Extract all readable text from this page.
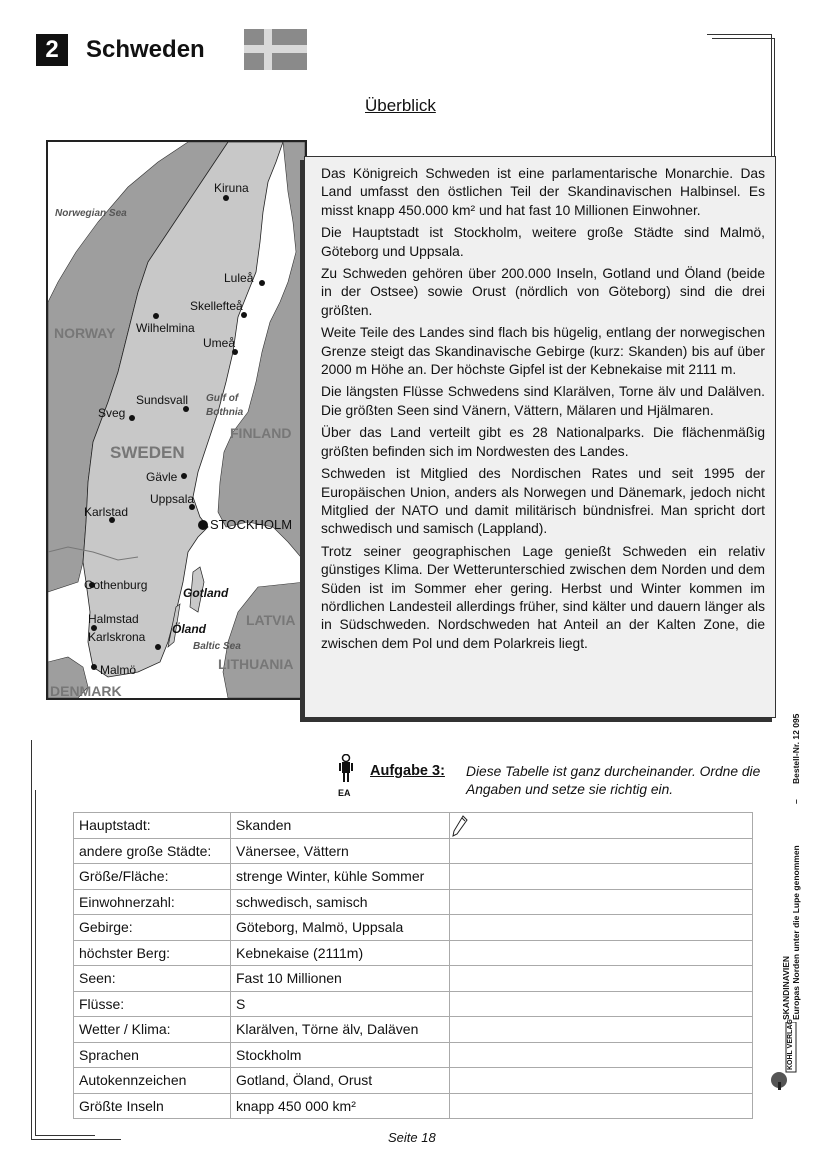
2	Schweden
Überblick
Kiruna
Norwegian Sea
Luleå
Skellefteå
NORWAY Wilhelmina
Umeå
Sundsvall Gulf of
Bothnia
Sveg
FINLAND
SWEDEN
Gävle
Uppsala
Karlstad
STOCKHOLM
Gothenburg
Gotland
Halmstad	LATVIA
Karlskrona
Öland
Baltic Sea
LITHUANIA
Malmö
DENMARK

Das Königreich Schweden ist eine parlamentarische Monarchie. Das Land umfasst den östlichen Teil der Skandinavischen Halbinsel. Es misst knapp 450.000 km² und hat fast 10 Millionen Einwohner.

Die Hauptstadt ist Stockholm, weitere große Städte sind Malmö, Göteborg und Uppsala.

Zu Schweden gehören über 200.000 Inseln, Gotland und Öland (beide in der Ostsee) sowie Orust (nördlich von Göteborg) sind die drei größten.

Weite Teile des Landes sind flach bis hügelig, entlang der norwegischen Grenze steigt das Skandinavische Gebirge (kurz: Skanden) bis auf über 2000 m Höhe an. Der höchste Gipfel ist der Kebnekaise mit 2111 m.

Die längsten Flüsse Schwedens sind Klarälven, Torne älv und Dalälven. Die größten Seen sind Vänern, Vättern, Mälaren und Hjälmaren.

Über das Land verteilt gibt es 28 Nationalparks. Die flächenmäßig größten befinden sich im Nordwesten des Landes.

Schweden ist Mitglied des Nordischen Rates und seit 1995 der Europäischen Union, anders als Norwegen und Dänemark, jedoch nicht Mitglied der NATO und damit militärisch bündnisfrei. Man spricht dort schwedisch und samisch (Lappland).

Trotz seiner geographischen Lage genießt Schweden ein relativ günstiges Klima. Der Wetterunterschied zwischen dem Norden und dem Süden ist im Sommer eher gering. Herbst und Winter kommen im nördlichen Landesteil allerdings früher, sind kälter und dauern länger als in Südschweden. Nordschweden hat Anteil an der Kalten Zone, die zwischen dem Pol und dem Polarkreis liegt.

EA
Aufgabe 3: Diese Tabelle ist ganz durcheinander. Ordne die Angaben und setze sie richtig ein.
Hauptstadt:	Skanden	

andere große Städte:	Vänersee, Vättern	
Größe/Fläche:	strenge Winter, kühle Sommer	
Einwohnerzahl:	schwedisch, samisch	
Gebirge:	Göteborg, Malmö, Uppsala	
höchster Berg:	Kebnekaise (2111m)	
Seen:	Fast 10 Millionen	
Flüsse:	S	
Wetter / Klima:	Klarälven, Törne älv, Daläven	
Sprachen	Stockholm	
Autokennzeichen	Gotland, Öland, Orust	
Größte Inseln	knapp 450 000 km²	
Bestell-Nr. 12 095
–
Europas Norden unter die Lupe genommen
SKANDINAVIEN
KOHL VERLAG
Seite 18
